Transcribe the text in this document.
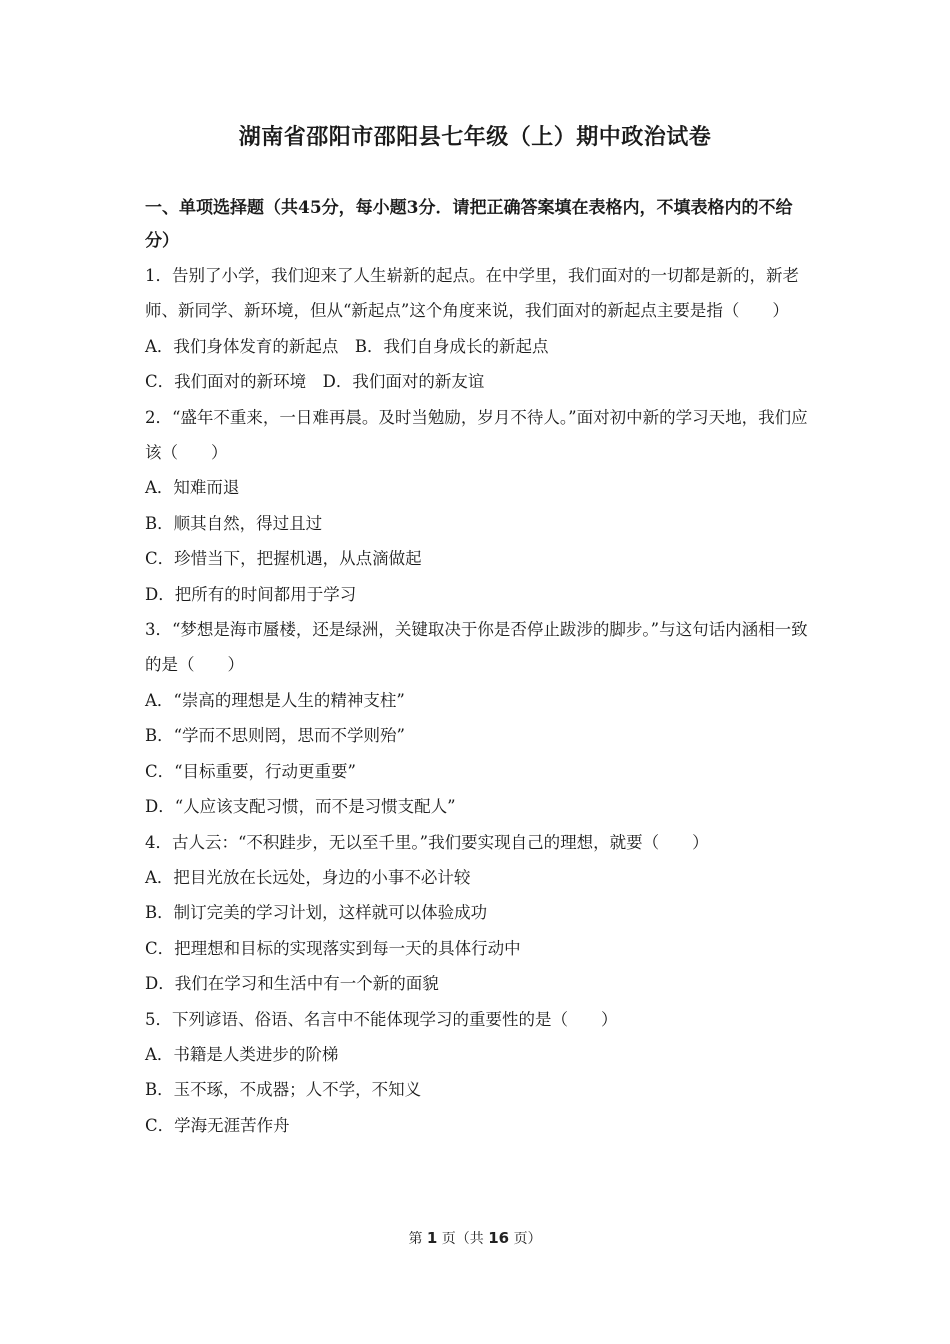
湖南省邵阳市邵阳县七年级（上）期中政治试卷

一、单项选择题（共45分，每小题3分．请把正确答案填在表格内，不填表格内的不给分）

1．告别了小学，我们迎来了人生崭新的起点。在中学里，我们面对的一切都是新的，新老师、新同学、新环境，但从“新起点”这个角度来说，我们面对的新起点主要是指（　　）

A．我们身体发育的新起点　B．我们自身成长的新起点

C．我们面对的新环境　D．我们面对的新友谊

2．“盛年不重来，一日难再晨。及时当勉励，岁月不待人。”面对初中新的学习天地，我们应该（　　）

A．知难而退

B．顺其自然，得过且过

C．珍惜当下，把握机遇，从点滴做起

D．把所有的时间都用于学习

3．“梦想是海市蜃楼，还是绿洲，关键取决于你是否停止跋涉的脚步。”与这句话内涵相一致的是（　　）

A．“崇高的理想是人生的精神支柱”

B．“学而不思则罔，思而不学则殆”

C．“目标重要，行动更重要”

D．“人应该支配习惯，而不是习惯支配人”

4．古人云：“不积跬步，无以至千里。”我们要实现自己的理想，就要（　　）

A．把目光放在长远处，身边的小事不必计较

B．制订完美的学习计划，这样就可以体验成功

C．把理想和目标的实现落实到每一天的具体行动中

D．我们在学习和生活中有一个新的面貌

5．下列谚语、俗语、名言中不能体现学习的重要性的是（　　）

A．书籍是人类进步的阶梯

B．玉不琢，不成器；人不学，不知义

C．学海无涯苦作舟

第 1 页（共 16 页）
